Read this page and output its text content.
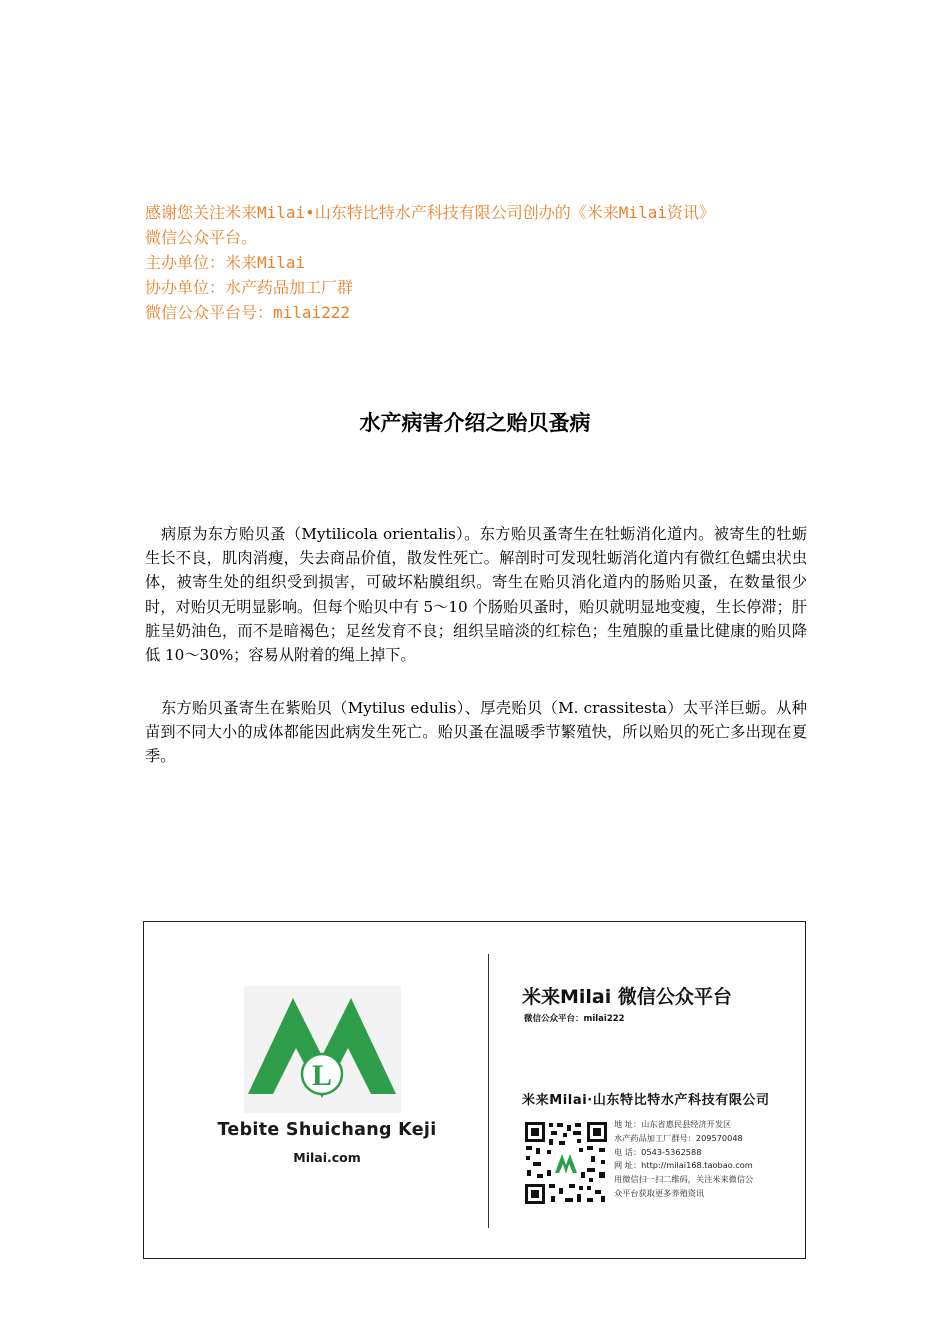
感谢您关注米来Milai•山东特比特水产科技有限公司创办的《米来Milai资讯》
微信公众平台。
主办单位：米来Milai
协办单位：水产药品加工厂群
微信公众平台号：milai222
水产病害介绍之贻贝蚤病
病原为东方贻贝蚤（Mytilicola orientalis）。东方贻贝蚤寄生在牡蛎消化道内。被寄生的牡蛎生长不良，肌肉消瘦，失去商品价值，散发性死亡。解剖时可发现牡蛎消化道内有微红色蠕虫状虫体，被寄生处的组织受到损害，可破坏粘膜组织。寄生在贻贝消化道内的肠贻贝蚤，在数量很少时，对贻贝无明显影响。但每个贻贝中有 5～10 个肠贻贝蚤时，贻贝就明显地变瘦，生长停滞；肝脏呈奶油色，而不是暗褐色；足丝发育不良；组织呈暗淡的红棕色；生殖腺的重量比健康的贻贝降低 10～30%；容易从附着的绳上掉下。
东方贻贝蚤寄生在紫贻贝（Mytilus edulis）、厚壳贻贝（M. crassitesta）太平洋巨蛎。从种苗到不同大小的成体都能因此病发生死亡。贻贝蚤在温暖季节繁殖快，所以贻贝的死亡多出现在夏季。
L
Tebite Shuichang Keji
Milai.com
米来Milai 微信公众平台
微信公众平台：milai222
米来Milai·山东特比特水产科技有限公司
地 址：山东省惠民县经济开发区
水产药品加工厂群号：209570048
电 话：0543-5362588
网 址：http://milai168.taobao.com
用微信扫一扫二维码，关注米来微信公
众平台获取更多养殖资讯
